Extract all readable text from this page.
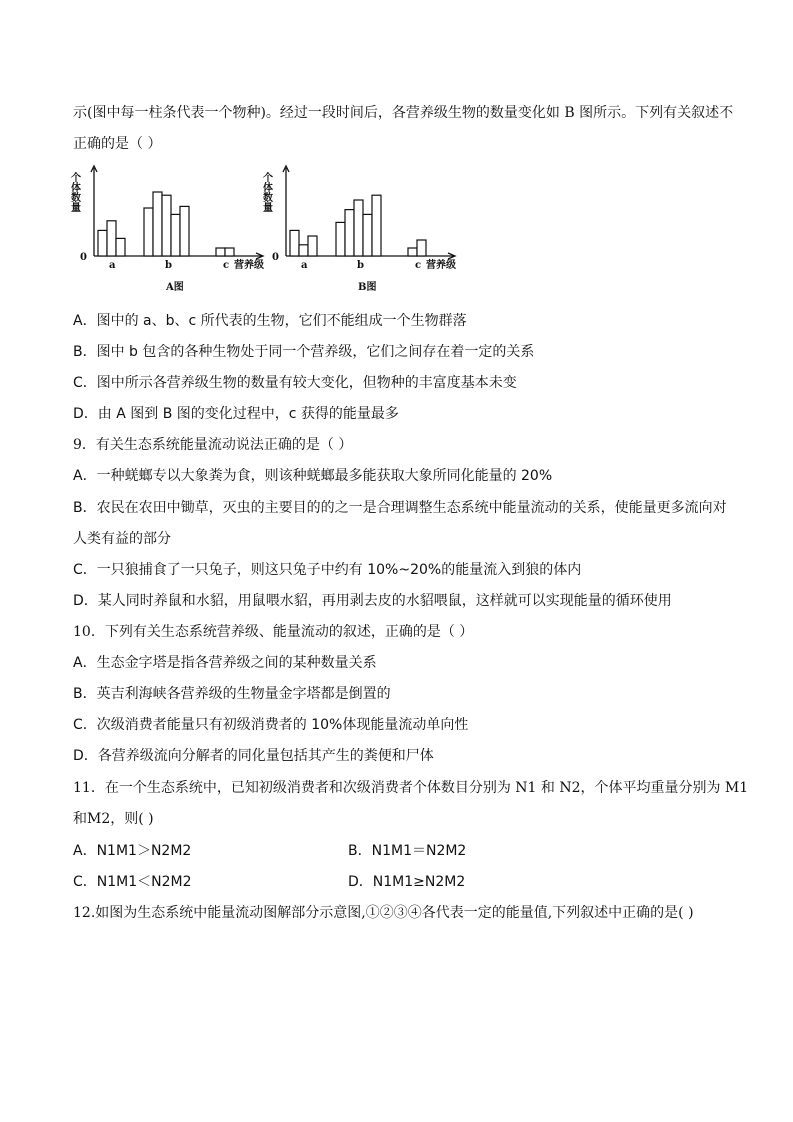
示(图中每一柱条代表一个物种)。经过一段时间后，各营养级生物的数量变化如 B 图所示。下列有关叙述不
正确的是（ ）
个体数量
0
a	b	c 营养级
A图
个体数量
0
a	b	c 营养级
B图
A．图中的 a、b、c 所代表的生物，它们不能组成一个生物群落
B．图中 b 包含的各种生物处于同一个营养级，它们之间存在着一定的关系
C．图中所示各营养级生物的数量有较大变化，但物种的丰富度基本未变
D．由 A 图到 B 图的变化过程中，c 获得的能量最多
9．有关生态系统能量流动说法正确的是（ ）
A．一种蜣螂专以大象粪为食，则该种蜣螂最多能获取大象所同化能量的 20%
B．农民在农田中锄草，灭虫的主要目的的之一是合理调整生态系统中能量流动的关系，使能量更多流向对
人类有益的部分
C．一只狼捕食了一只兔子，则这只兔子中约有 10%~20%的能量流入到狼的体内
D．某人同时养鼠和水貂，用鼠喂水貂，再用剥去皮的水貂喂鼠，这样就可以实现能量的循环使用
10．下列有关生态系统营养级、能量流动的叙述，正确的是（ ）
A．生态金字塔是指各营养级之间的某种数量关系
B．英吉利海峡各营养级的生物量金字塔都是倒置的
C．次级消费者能量只有初级消费者的 10%体现能量流动单向性
D．各营养级流向分解者的同化量包括其产生的粪便和尸体
11．在一个生态系统中，已知初级消费者和次级消费者个体数目分别为 N1 和 N2，个体平均重量分别为 M1
和M2，则( )
A．N1M1＞N2M2	B．N1M1＝N2M2
C．N1M1＜N2M2	D．N1M1≥N2M2
12.如图为生态系统中能量流动图解部分示意图,①②③④各代表一定的能量值,下列叙述中正确的是( )
